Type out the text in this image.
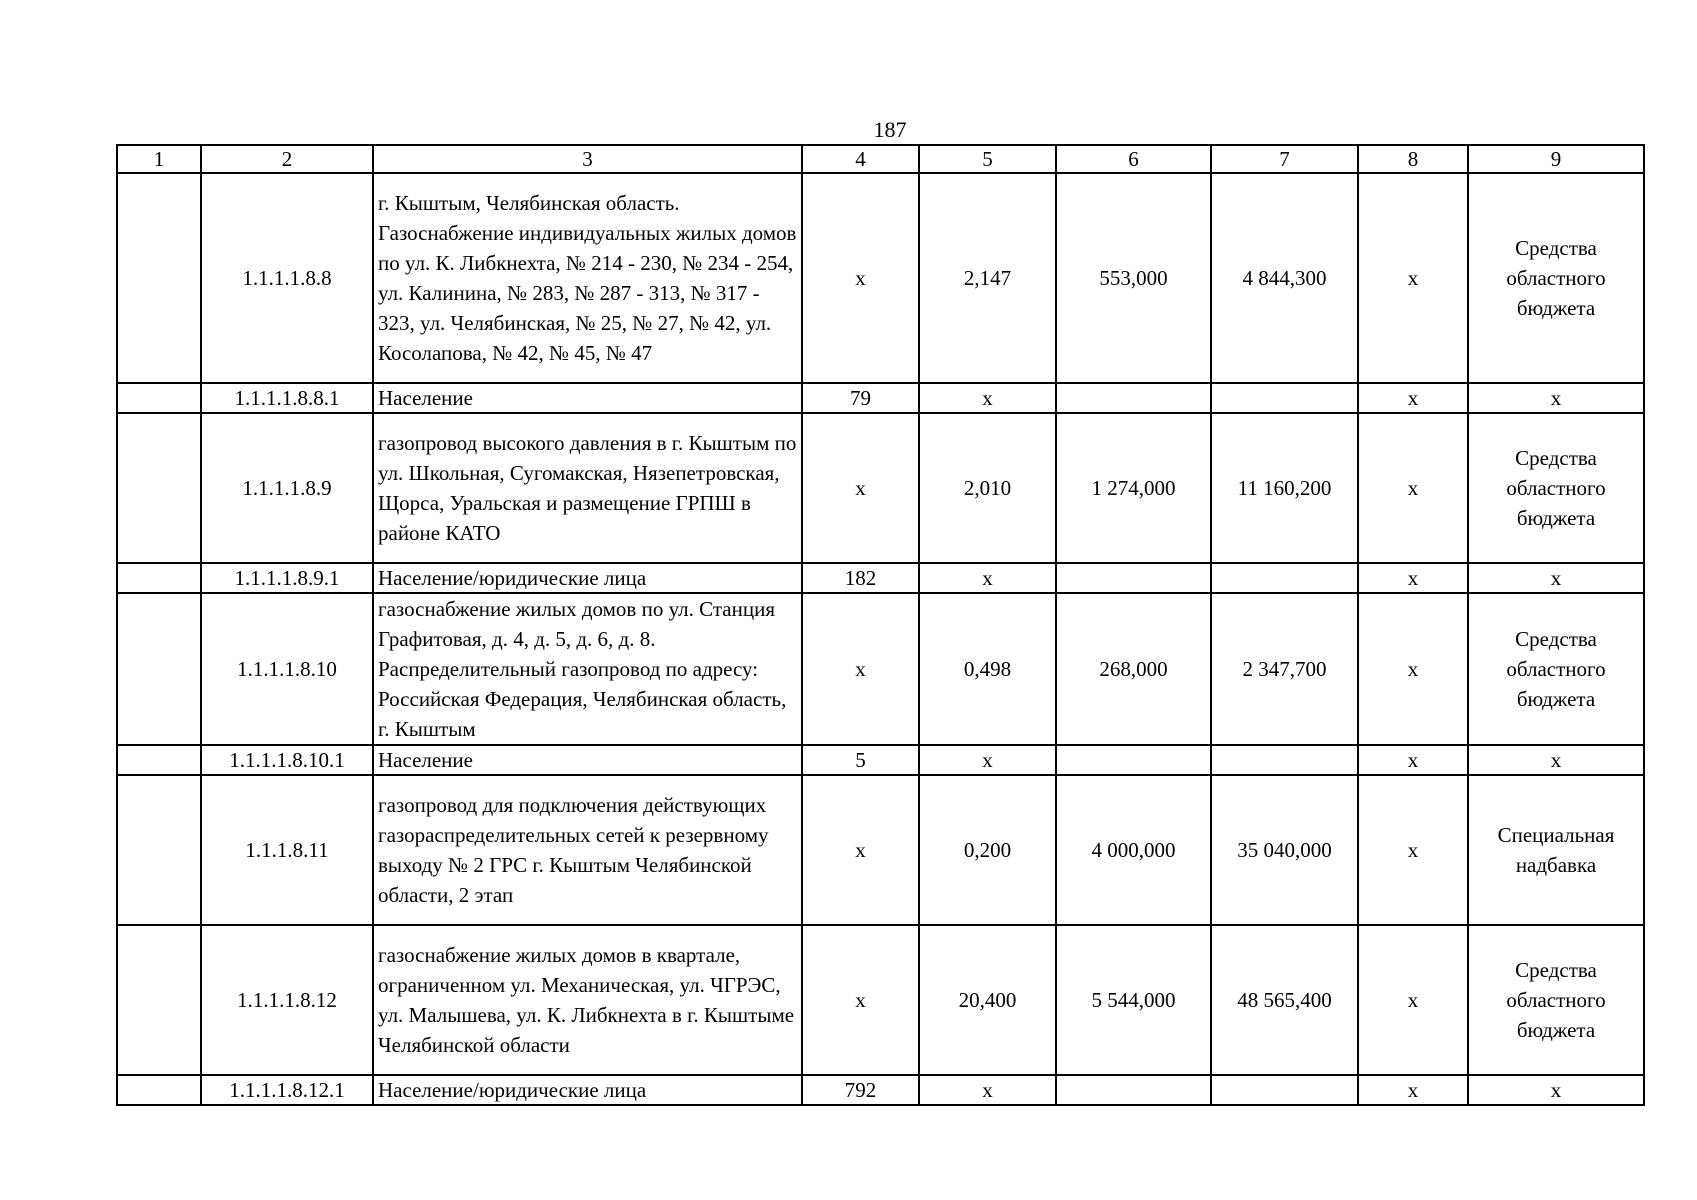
187
1	2	3	4	5	6	7	8	9
	1.1.1.1.8.8	г. Кыштым, Челябинская область. Газоснабжение индивидуальных жилых домов по ул. К. Либкнехта, № 214 - 230, № 234 - 254, ул. Калинина, № 283, № 287 - 313, № 317 - 323, ул. Челябинская, № 25, № 27, № 42, ул. Косолапова, № 42, № 45, № 47	х	2,147	553,000	4 844,300	х	Средства областного бюджета
	1.1.1.1.8.8.1	Население	79	х			х	х
	1.1.1.1.8.9	газопровод высокого давления в г. Кыштым по ул. Школьная, Сугомакская, Нязепетровская, Щорса, Уральская и размещение ГРПШ в районе КАТО	х	2,010	1 274,000	11 160,200	х	Средства областного бюджета
	1.1.1.1.8.9.1	Население/юридические лица	182	х			х	х
	1.1.1.1.8.10	газоснабжение жилых домов по ул. Станция Графитовая, д. 4, д. 5, д. 6, д. 8. Распределительный газопровод по адресу: Российская Федерация, Челябинская область, г. Кыштым	х	0,498	268,000	2 347,700	х	Средства областного бюджета
	1.1.1.1.8.10.1	Население	5	х			х	х
	1.1.1.8.11	газопровод для подключения действующих газораспределительных сетей к резервному выходу № 2 ГРС г. Кыштым Челябинской области, 2 этап	х	0,200	4 000,000	35 040,000	х	Специальная надбавка
	1.1.1.1.8.12	газоснабжение жилых домов в квартале, ограниченном ул. Механическая, ул. ЧГРЭС, ул. Малышева, ул. К. Либкнехта в г. Кыштыме Челябинской области	х	20,400	5 544,000	48 565,400	х	Средства областного бюджета
	1.1.1.1.8.12.1	Население/юридические лица	792	х			х	х
